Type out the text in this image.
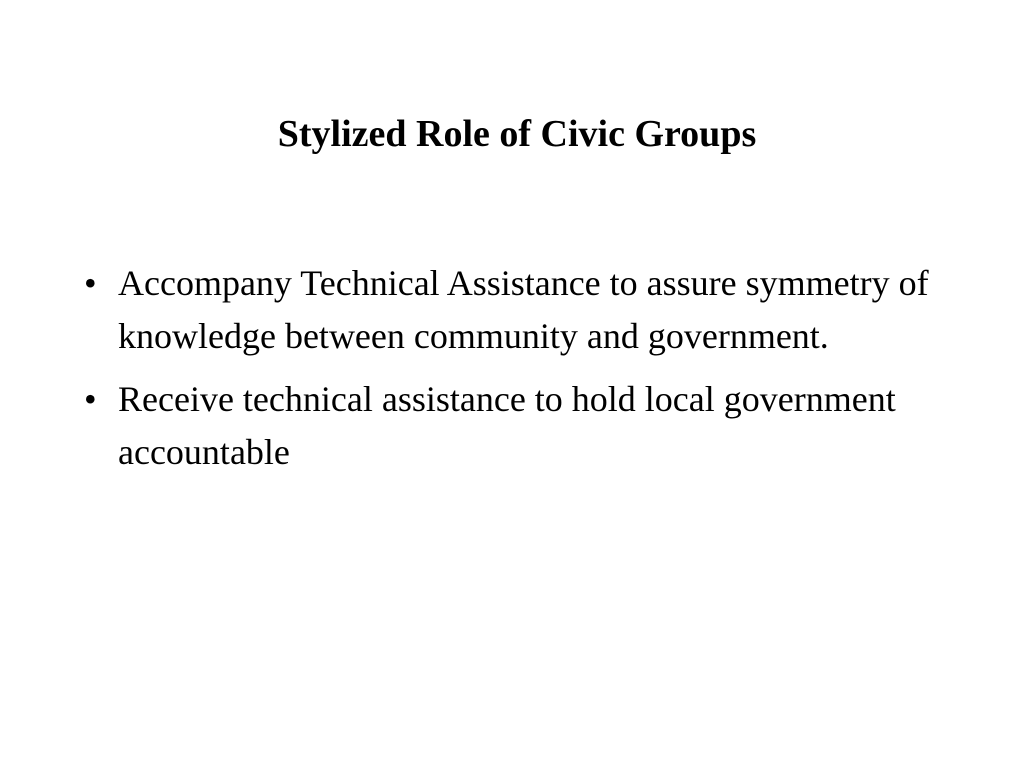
Stylized Role of Civic Groups
• Accompany Technical Assistance to assure symmetry of knowledge between community and government.
• Receive technical assistance to hold local government accountable
